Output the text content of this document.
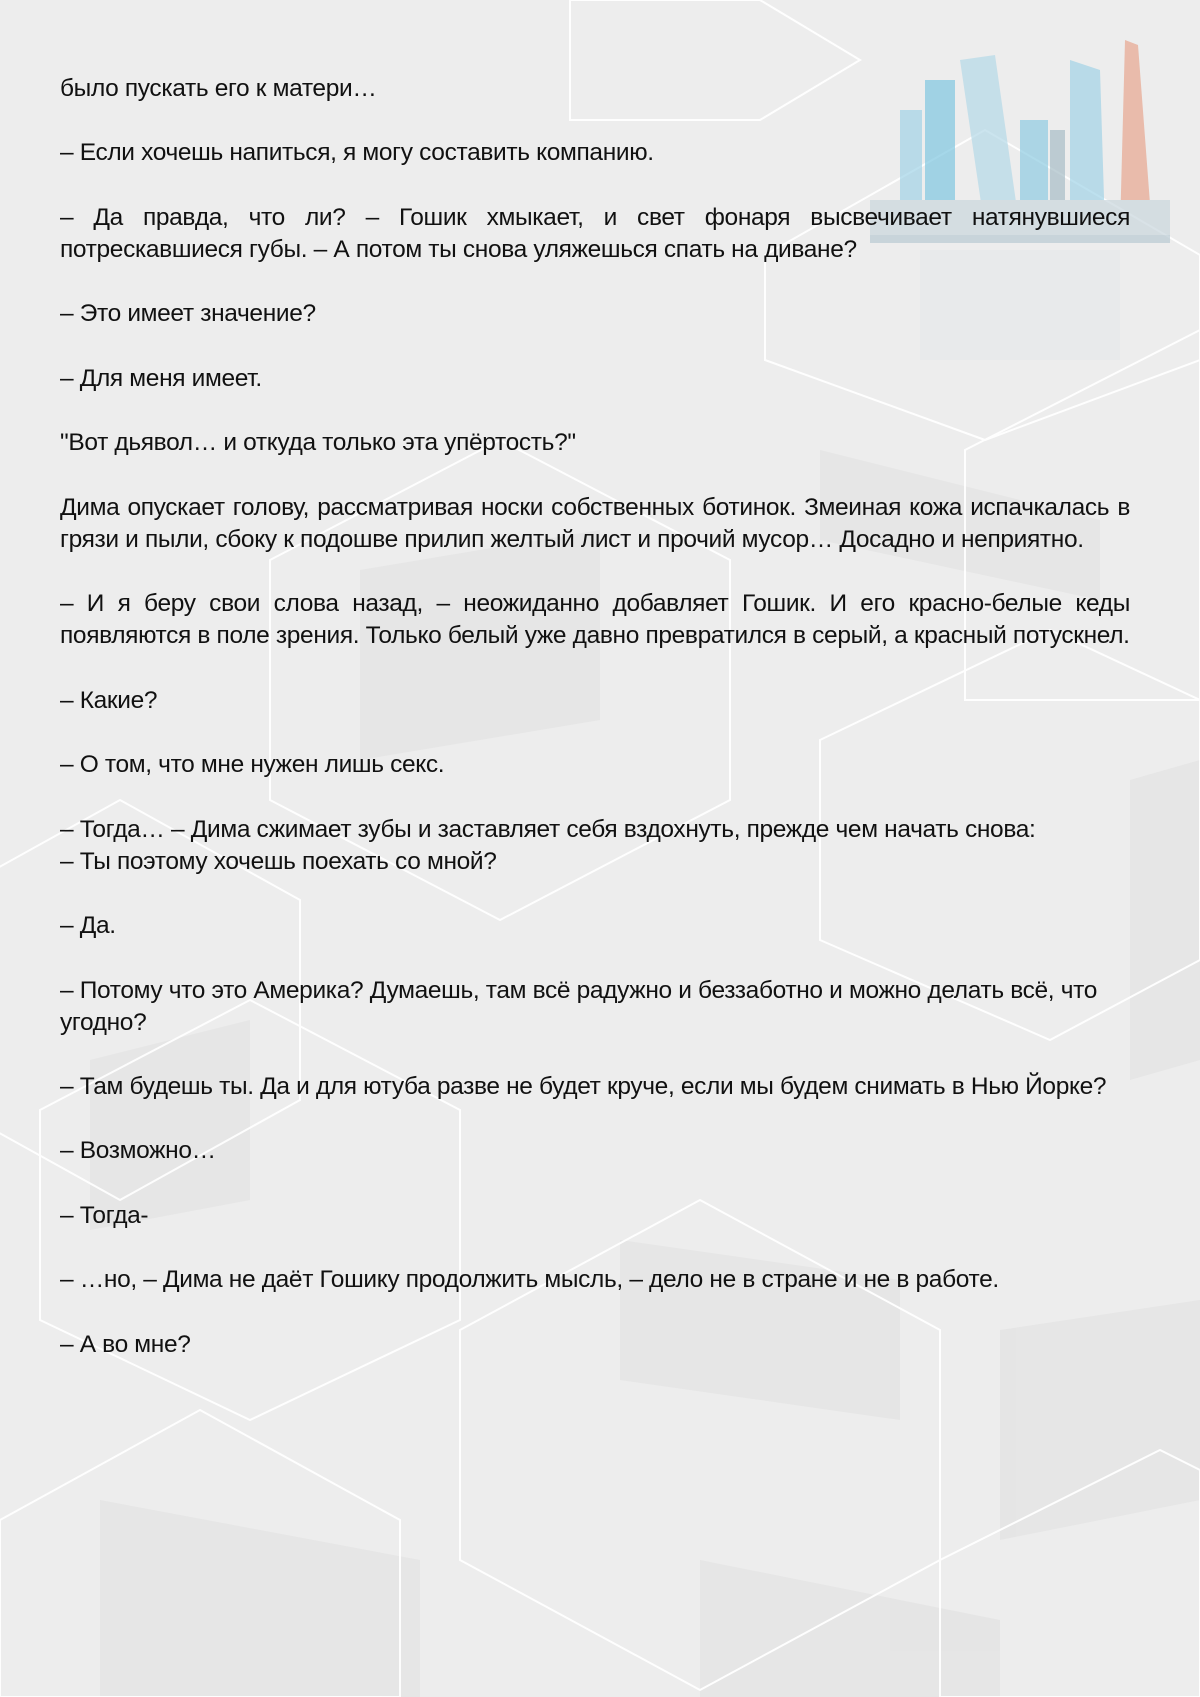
было пускать его к матери…

– Если хочешь напиться, я могу составить компанию.

– Да правда, что ли? – Гошик хмыкает, и свет фонаря высвечивает натянувшиеся потрескавшиеся губы. – А потом ты снова уляжешься спать на диване?

– Это имеет значение?

– Для меня имеет.

"Вот дьявол… и откуда только эта упёртость?"

Дима опускает голову, рассматривая носки собственных ботинок. Змеиная кожа испачкалась в грязи и пыли, сбоку к подошве прилип желтый лист и прочий мусор… Досадно и неприятно.

– И я беру свои слова назад, – неожиданно добавляет Гошик. И его красно-белые кеды появляются в поле зрения. Только белый уже давно превратился в серый, а красный потускнел.

– Какие?

– О том, что мне нужен лишь секс.

– Тогда… – Дима сжимает зубы и заставляет себя вздохнуть, прежде чем начать снова:

– Ты поэтому хочешь поехать со мной?

– Да.

– Потому что это Америка? Думаешь, там всё радужно и беззаботно и можно делать всё, что угодно?

– Там будешь ты. Да и для ютуба разве не будет круче, если мы будем снимать в Нью Йорке?

– Возможно…

– Тогда-

– …но, – Дима не даёт Гошику продолжить мысль, – дело не в стране и не в работе.

– А во мне?
